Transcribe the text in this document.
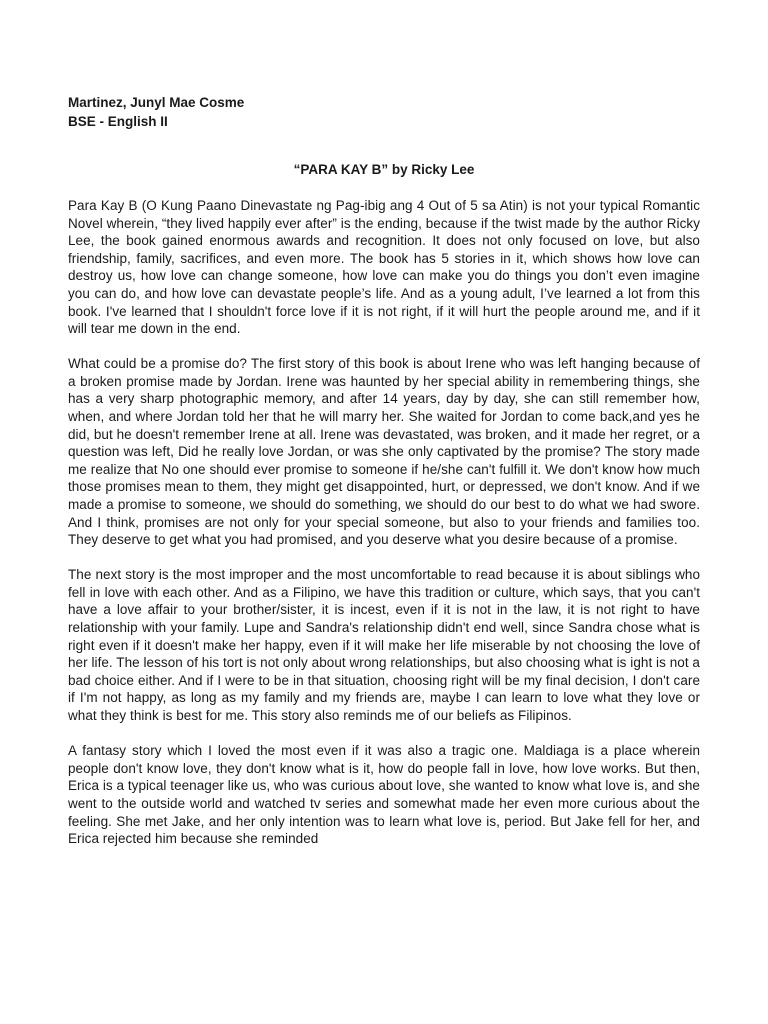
Martinez, Junyl Mae Cosme

BSE - English II

“PARA KAY B” by Ricky Lee

Para Kay B (O Kung Paano Dinevastate ng Pag-ibig ang 4 Out of 5 sa Atin) is not your typical Romantic Novel wherein, “they lived happily ever after” is the ending, because if the twist made by the author Ricky Lee, the book gained enormous awards and recognition. It does not only focused on love, but also friendship, family, sacrifices, and even more. The book has 5 stories in it, which shows how love can destroy us, how love can change someone, how love can make you do things you don’t even imagine you can do, and how love can devastate people’s life. And as a young adult, I’ve learned a lot from this book. I've learned that I shouldn't force love if it is not right, if it will hurt the people around me, and if it will tear me down in the end.

What could be a promise do? The first story of this book is about Irene who was left hanging because of a broken promise made by Jordan. Irene was haunted by her special ability in remembering things, she has a very sharp photographic memory, and after 14 years, day by day, she can still remember how, when, and where Jordan told her that he will marry her. She waited for Jordan to come back,and yes he did, but he doesn't remember Irene at all. Irene was devastated, was broken, and it made her regret, or a question was left, Did he really love Jordan, or was she only captivated by the promise? The story made me realize that No one should ever promise to someone if he/she can't fulfill it. We don't know how much those promises mean to them, they might get disappointed, hurt, or depressed, we don't know. And if we made a promise to someone, we should do something, we should do our best to do what we had swore. And I think, promises are not only for your special someone, but also to your friends and families too. They deserve to get what you had promised, and you deserve what you desire because of a promise.

The next story is the most improper and the most uncomfortable to read because it is about siblings who fell in love with each other. And as a Filipino, we have this tradition or culture, which says, that you can't have a love affair to your brother/sister, it is incest, even if it is not in the law, it is not right to have relationship with your family. Lupe and Sandra's relationship didn't end well, since Sandra chose what is right even if it doesn't make her happy, even if it will make her life miserable by not choosing the love of her life. The lesson of his tort is not only about wrong relationships, but also choosing what is ight is not a bad choice either. And if I were to be in that situation, choosing right will be my final decision, I don't care if I'm not happy, as long as my family and my friends are, maybe I can learn to love what they love or what they think is best for me. This story also reminds me of our beliefs as Filipinos.

A fantasy story which I loved the most even if it was also a tragic one. Maldiaga is a place wherein people don't know love, they don't know what is it, how do people fall in love, how love works. But then, Erica is a typical teenager like us, who was curious about love, she wanted to know what love is, and she went to the outside world and watched tv series and somewhat made her even more curious about the feeling. She met Jake, and her only intention was to learn what love is, period. But Jake fell for her, and Erica rejected him because she reminded
